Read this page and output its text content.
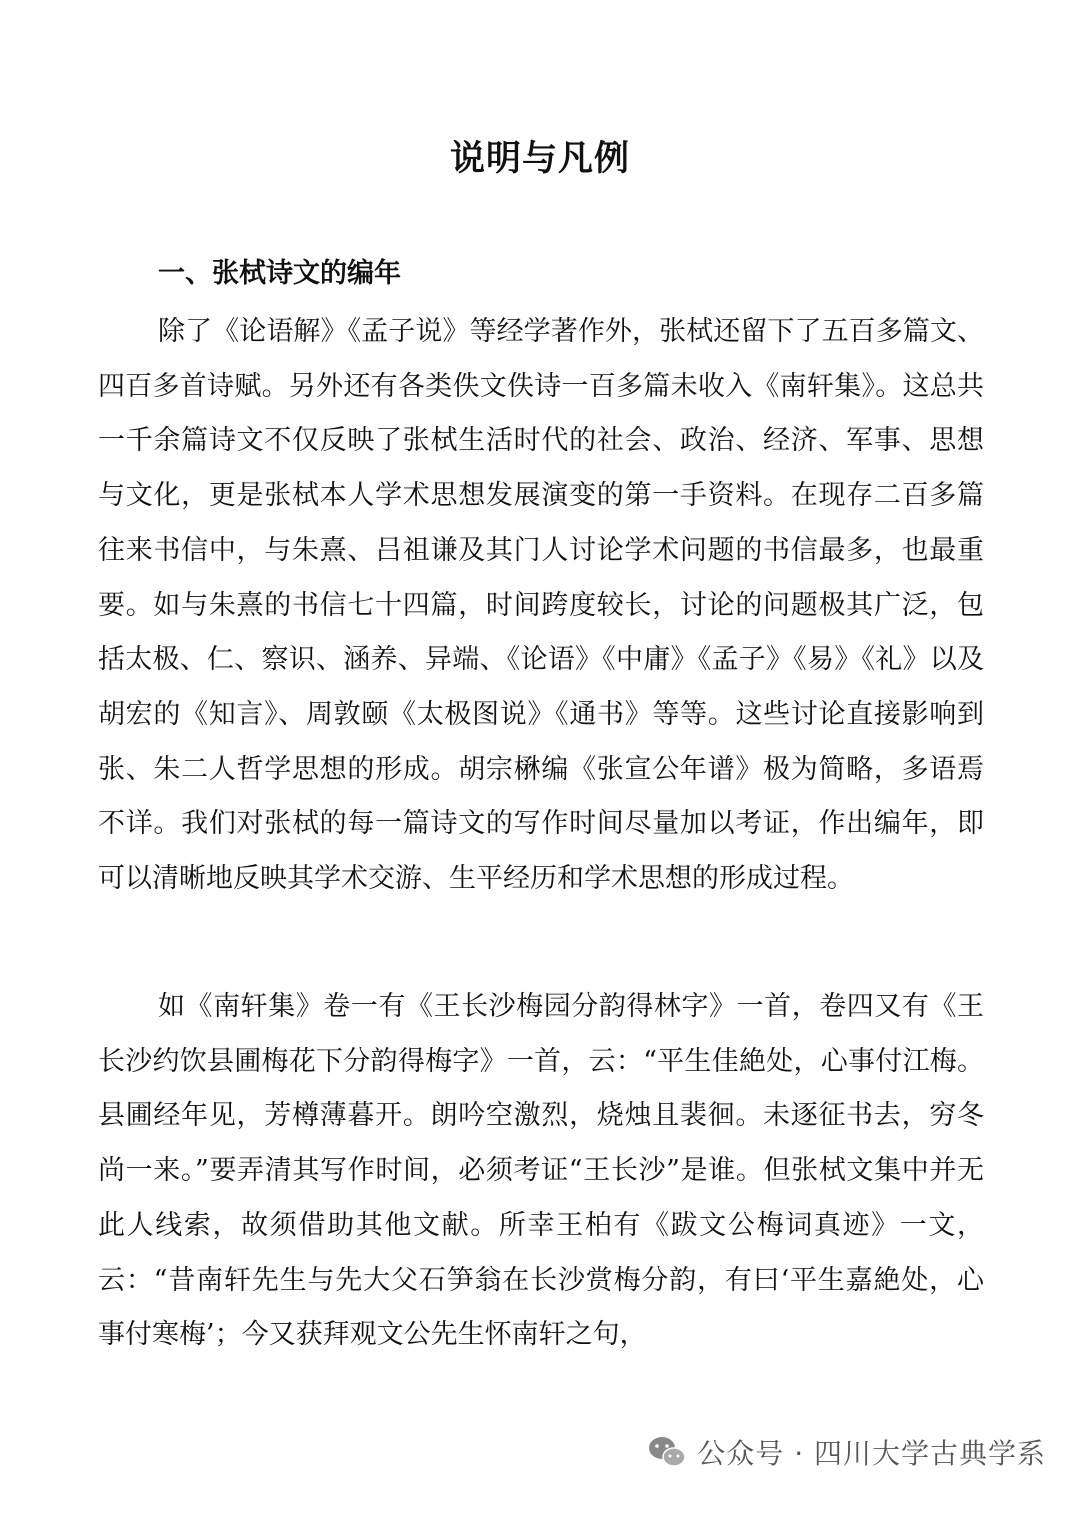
说明与凡例
一、张栻诗文的编年

除了《论语解》《孟子说》等经学著作外，张栻还留下了五百多篇文、四百多首诗赋。另外还有各类佚文佚诗一百多篇未收入《南轩集》。这总共一千余篇诗文不仅反映了张栻生活时代的社会、政治、经济、军事、思想与文化，更是张栻本人学术思想发展演变的第一手资料。在现存二百多篇往来书信中，与朱熹、吕祖谦及其门人讨论学术问题的书信最多，也最重要。如与朱熹的书信七十四篇，时间跨度较长，讨论的问题极其广泛，包括太极、仁、察识、涵养、异端、《论语》《中庸》《孟子》《易》《礼》以及胡宏的《知言》、周敦颐《太极图说》《通书》等等。这些讨论直接影响到张、朱二人哲学思想的形成。胡宗楙编《张宣公年谱》极为简略，多语焉不详。我们对张栻的每一篇诗文的写作时间尽量加以考证，作出编年，即可以清晰地反映其学术交游、生平经历和学术思想的形成过程。

如《南轩集》卷一有《王长沙梅园分韵得林字》一首，卷四又有《王长沙约饮县圃梅花下分韵得梅字》一首，云：“平生佳絶处，心事付江梅。县圃经年见，芳樽薄暮开。朗吟空激烈，烧烛且裴徊。未逐征书去，穷冬尚一来。”要弄清其写作时间，必须考证“王长沙”是谁。但张栻文集中并无此人线索，故须借助其他文献。所幸王柏有《跋文公梅词真迹》一文，云：“昔南轩先生与先大父石笋翁在长沙赏梅分韵，有曰‘平生嘉絶处，心事付寒梅’；今又获拜观文公先生怀南轩之句，

公众号 · 四川大学古典学系
